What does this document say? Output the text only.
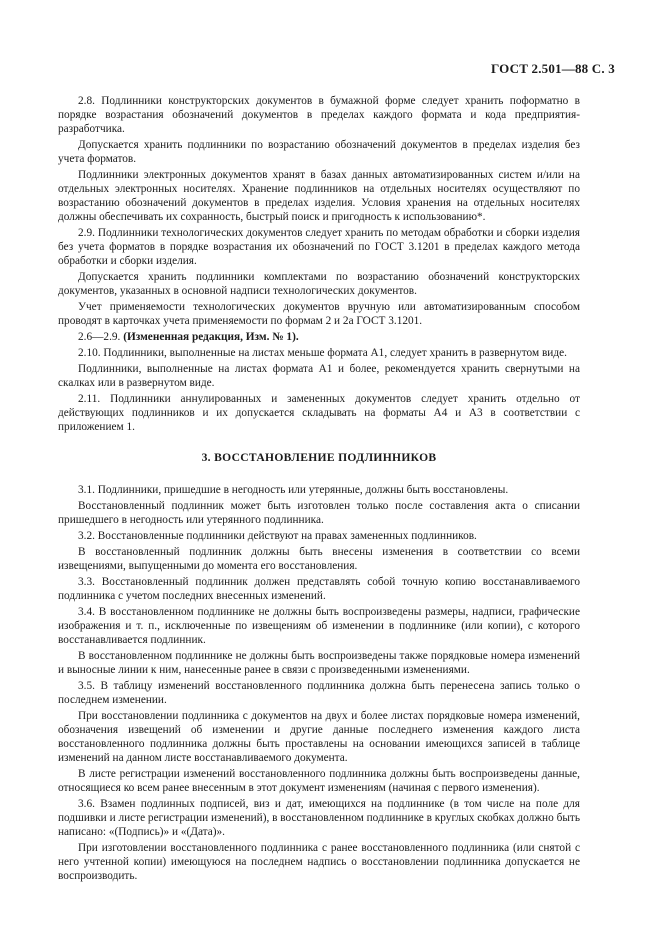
ГОСТ 2.501—88 С. 3

2.8. Подлинники конструкторских документов в бумажной форме следует хранить поформатно в порядке возрастания обозначений документов в пределах каждого формата и кода предприятия-разработчика.

Допускается хранить подлинники по возрастанию обозначений документов в пределах изделия без учета форматов.

Подлинники электронных документов хранят в базах данных автоматизированных систем и/или на отдельных электронных носителях. Хранение подлинников на отдельных носителях осуществляют по возрастанию обозначений документов в пределах изделия. Условия хранения на отдельных носителях должны обеспечивать их сохранность, быстрый поиск и пригодность к использованию*.

2.9. Подлинники технологических документов следует хранить по методам обработки и сборки изделия без учета форматов в порядке возрастания их обозначений по ГОСТ 3.1201 в пределах каждого метода обработки и сборки изделия.

Допускается хранить подлинники комплектами по возрастанию обозначений конструкторских документов, указанных в основной надписи технологических документов.

Учет применяемости технологических документов вручную или автоматизированным способом проводят в карточках учета применяемости по формам 2 и 2а ГОСТ 3.1201.

2.6—2.9. (Измененная редакция, Изм. № 1).

2.10. Подлинники, выполненные на листах меньше формата А1, следует хранить в развернутом виде.

Подлинники, выполненные на листах формата А1 и более, рекомендуется хранить свернутыми на скалках или в развернутом виде.

2.11. Подлинники аннулированных и замененных документов следует хранить отдельно от действующих подлинников и их допускается складывать на форматы А4 и А3 в соответствии с приложением 1.

3. ВОССТАНОВЛЕНИЕ ПОДЛИННИКОВ

3.1. Подлинники, пришедшие в негодность или утерянные, должны быть восстановлены.

Восстановленный подлинник может быть изготовлен только после составления акта о списании пришедшего в негодность или утерянного подлинника.

3.2. Восстановленные подлинники действуют на правах замененных подлинников.

В восстановленный подлинник должны быть внесены изменения в соответствии со всеми извещениями, выпущенными до момента его восстановления.

3.3. Восстановленный подлинник должен представлять собой точную копию восстанавливаемого подлинника с учетом последних внесенных изменений.

3.4. В восстановленном подлиннике не должны быть воспроизведены размеры, надписи, графические изображения и т. п., исключенные по извещениям об изменении в подлиннике (или копии), с которого восстанавливается подлинник.

В восстановленном подлиннике не должны быть воспроизведены также порядковые номера изменений и выносные линии к ним, нанесенные ранее в связи с произведенными изменениями.

3.5. В таблицу изменений восстановленного подлинника должна быть перенесена запись только о последнем изменении.

При восстановлении подлинника с документов на двух и более листах порядковые номера изменений, обозначения извещений об изменении и другие данные последнего изменения каждого листа восстановленного подлинника должны быть проставлены на основании имеющихся записей в таблице изменений на данном листе восстанавливаемого документа.

В листе регистрации изменений восстановленного подлинника должны быть воспроизведены данные, относящиеся ко всем ранее внесенным в этот документ изменениям (начиная с первого изменения).

3.6. Взамен подлинных подписей, виз и дат, имеющихся на подлиннике (в том числе на поле для подшивки и листе регистрации изменений), в восстановленном подлиннике в круглых скобках должно быть написано: «(Подпись)» и «(Дата)».

При изготовлении восстановленного подлинника с ранее восстановленного подлинника (или снятой с него учтенной копии) имеющуюся на последнем надпись о восстановлении подлинника допускается не воспроизводить.
